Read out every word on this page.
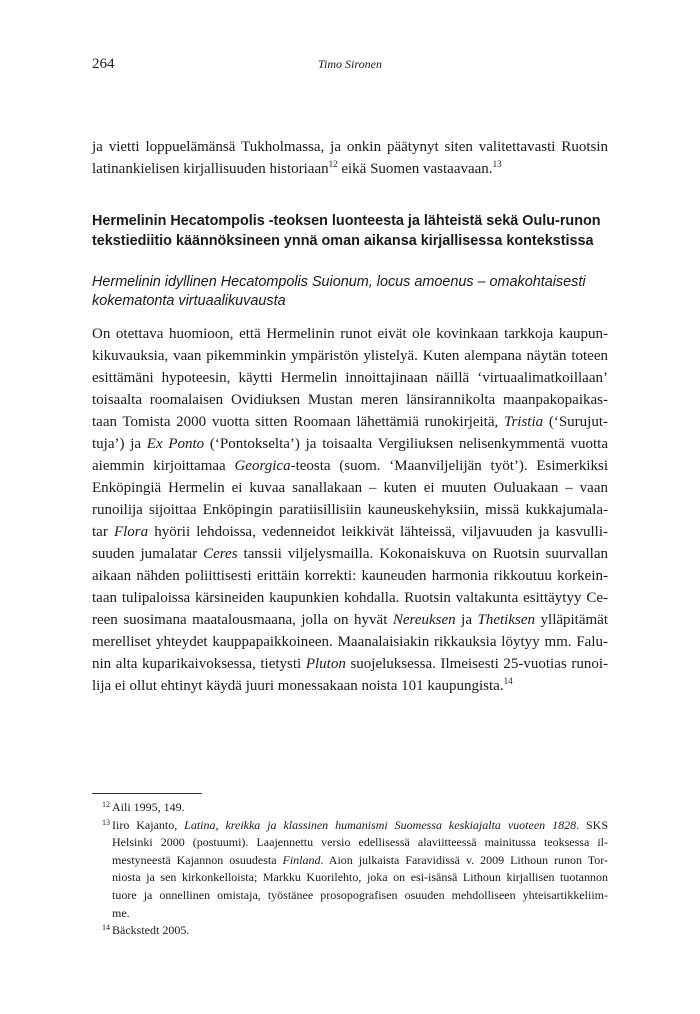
264	Timo Sironen

ja vietti loppuelämänsä Tukholmassa, ja onkin päätynyt siten valitettavasti Ruotsin
latinankielisen kirjallisuuden historiaan$^{12}$ eikä Suomen vastaavaan.$^{13}$

Hermelinin Hecatompolis -teoksen luonteesta ja lähteistä sekä Oulu-runon
tekstiediitio käännöksineen ynnä oman aikansa kirjallisessa kontekstissa
Hermelinin idyllinen Hecatompolis Suionum, locus amoenus – omakohtaisesti
kokematonta virtuaalikuvausta

On otettava huomioon, että Hermelinin runot eivät ole kovinkaan tarkkoja kaupun-
kikuvauksia, vaan pikemminkin ympäristön ylistelyä. Kuten alempana näytän toteen
esittämäni hypoteesin, käytti Hermelin innoittajinaan näillä ‘virtuaalimatkoillaan’
toisaalta roomalaisen Ovidiuksen Mustan meren länsirannikolta maanpakopaikas-
taan Tomista 2000 vuotta sitten Roomaan lähettämiä runokirjeitä, Tristia (‘Surujut-
tuja’) ja Ex Ponto (‘Pontokselta’) ja toisaalta Vergiliuksen nelisenkymmentä vuotta
aiemmin kirjoittamaa Georgica-teosta (suom. ‘Maanviljelijän työt’). Esimerkiksi
Enköpingiä Hermelin ei kuvaa sanallakaan – kuten ei muuten Ouluakaan – vaan
runoilija sijoittaa Enköpingin paratiisillisiin kauneuskehyksiin, missä kukkajumala-
tar Flora hyörii lehdoissa, vedenneidot leikkivät lähteissä, viljavuuden ja kasvulli-
suuden jumalatar Ceres tanssii viljelysmailla. Kokonaiskuva on Ruotsin suurvallan
aikaan nähden poliittisesti erittäin korrekti: kauneuden harmonia rikkoutuu korkein-
taan tulipaloissa kärsineiden kaupunkien kohdalla. Ruotsin valtakunta esittäytyy Ce-
reen suosimana maatalousmaana, jolla on hyvät Nereuksen ja Thetiksen ylläpitämät
merelliset yhteydet kauppapaikkoineen. Maanalaisiakin rikkauksia löytyy mm. Falu-
nin alta kuparikaivoksessa, tietysti Pluton suojeluksessa. Ilmeisesti 25-vuotias runoi-
lija ei ollut ehtinyt käydä juuri monessakaan noista 101 kaupungista.$^{14}$

12 Aili 1995, 149.

13 Iiro Kajanto, Latina, kreikka ja klassinen humanismi Suomessa keskiajalta vuoteen 1828. SKS
Helsinki 2000 (postuumi). Laajennettu versio edellisessä alaviitteessä mainitussa teoksessa il-
mestyneestä Kajannon osuudesta Finland. Aion julkaista Faravidissä v. 2009 Lithoun runon Tor-
niosta ja sen kirkonkelloista; Markku Kuorilehto, joka on esi-isänsä Lithoun kirjallisen tuotannon
tuore ja onnellinen omistaja, työstänee prosopografisen osuuden mehdolliseen yhteisartikkeliim-
me.

14 Bäckstedt 2005.
